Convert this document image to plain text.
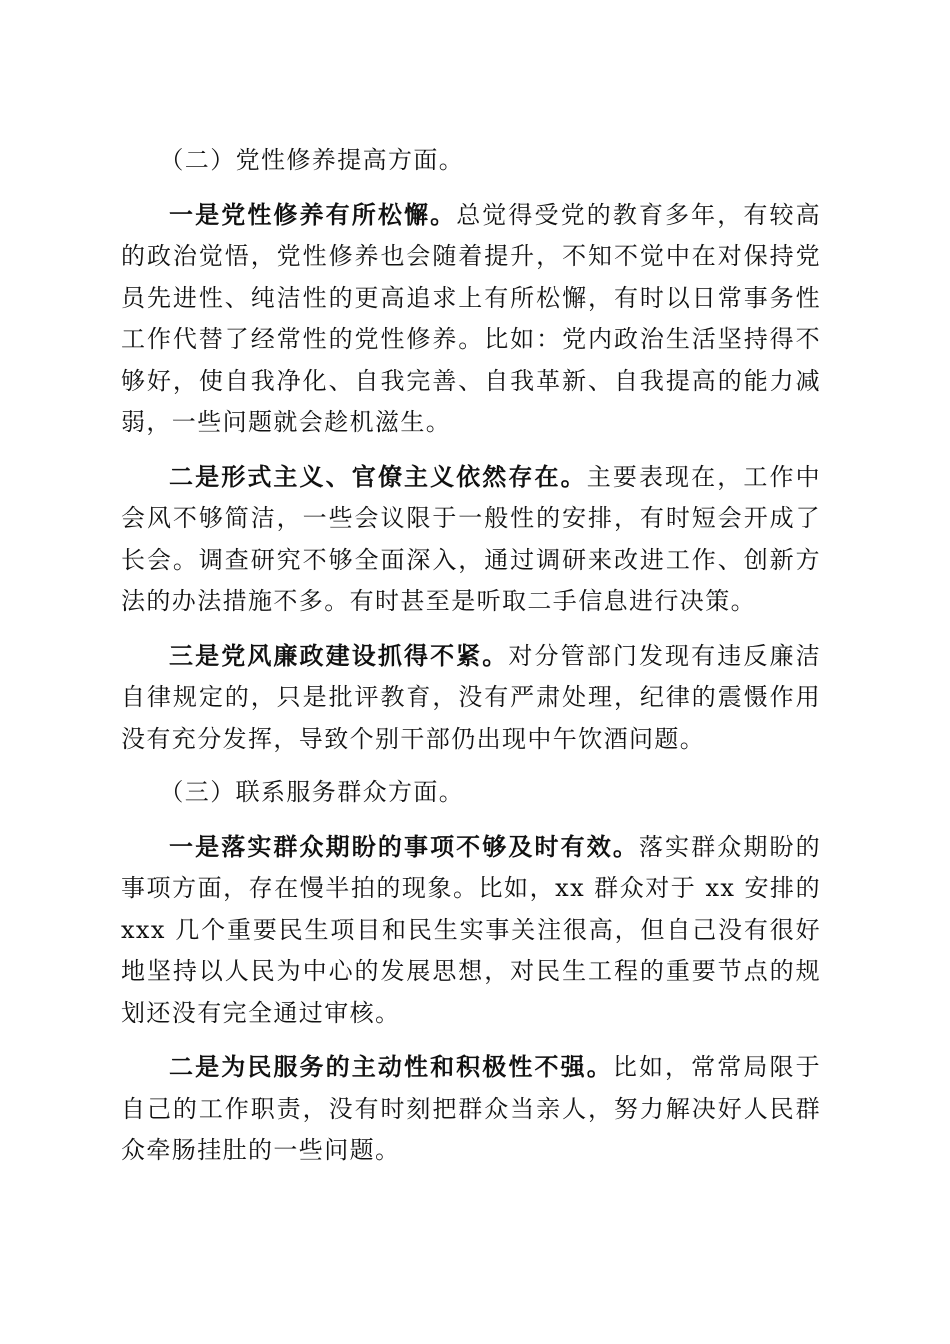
（二）党性修养提高方面。

一是党性修养有所松懈。总觉得受党的教育多年，有较高的政治觉悟，党性修养也会随着提升，不知不觉中在对保持党员先进性、纯洁性的更高追求上有所松懈，有时以日常事务性工作代替了经常性的党性修养。比如：党内政治生活坚持得不够好，使自我净化、自我完善、自我革新、自我提高的能力减弱，一些问题就会趁机滋生。

二是形式主义、官僚主义依然存在。主要表现在，工作中会风不够简洁，一些会议限于一般性的安排，有时短会开成了长会。调查研究不够全面深入，通过调研来改进工作、创新方法的办法措施不多。有时甚至是听取二手信息进行决策。

三是党风廉政建设抓得不紧。对分管部门发现有违反廉洁自律规定的，只是批评教育，没有严肃处理，纪律的震慑作用没有充分发挥，导致个别干部仍出现中午饮酒问题。

（三）联系服务群众方面。

一是落实群众期盼的事项不够及时有效。落实群众期盼的事项方面，存在慢半拍的现象。比如，xx 群众对于 xx 安排的 xxx 几个重要民生项目和民生实事关注很高，但自己没有很好地坚持以人民为中心的发展思想，对民生工程的重要节点的规划还没有完全通过审核。

二是为民服务的主动性和积极性不强。比如，常常局限于自己的工作职责，没有时刻把群众当亲人，努力解决好人民群众牵肠挂肚的一些问题。
